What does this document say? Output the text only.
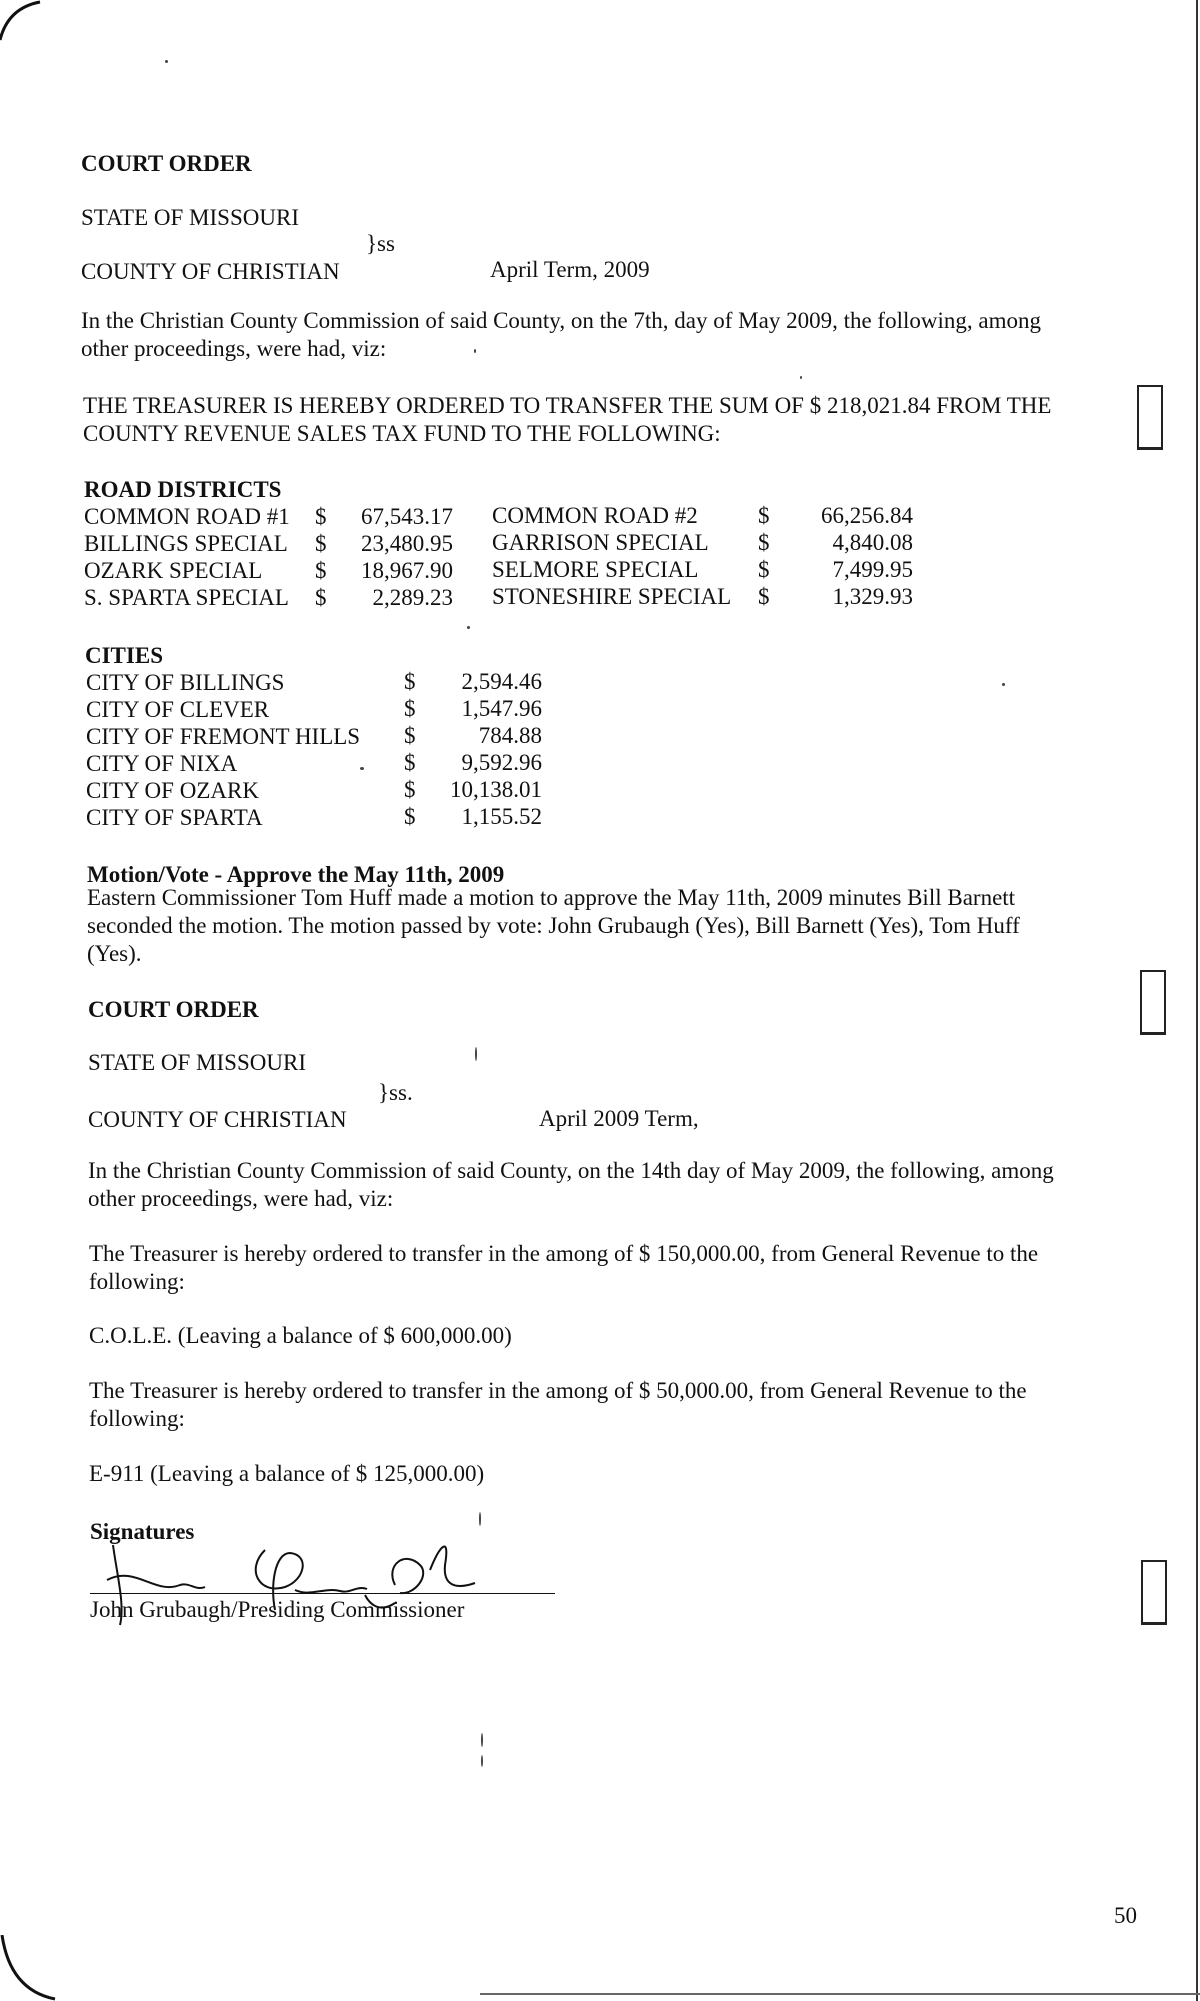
COURT ORDER
STATE OF MISSOURI
}ss
COUNTY OF CHRISTIAN	April Term, 2009
In the Christian County Commission of said County, on the 7th, day of May 2009, the following, among
other proceedings, were had, viz:
THE TREASURER IS HEREBY ORDERED TO TRANSFER THE SUM OF $ 218,021.84 FROM THE
COUNTY REVENUE SALES TAX FUND TO THE FOLLOWING:
ROAD DISTRICTS
COMMON ROAD #1 $	67,543.17 COMMON ROAD #2	$	66,256.84
BILLINGS SPECIAL $	23,480.95 GARRISON SPECIAL $	4,840.08
OZARK SPECIAL $	18,967.90 SELMORE SPECIAL	$	7,499.95
S. SPARTA SPECIAL $	2,289.23 STONESHIRE SPECIAL $	1,329.93
CITIES
CITY OF BILLINGS	$	2,594.46
CITY OF CLEVER	$	1,547.96
CITY OF FREMONT HILLS $	784.88
CITY OF NIXA	$	9,592.96
CITY OF OZARK	$	10,138.01
CITY OF SPARTA	$	1,155.52
Motion/Vote - Approve the May 11th, 2009
Eastern Commissioner Tom Huff made a motion to approve the May 11th, 2009 minutes Bill Barnett
seconded the motion. The motion passed by vote: John Grubaugh (Yes), Bill Barnett (Yes), Tom Huff
(Yes).
COURT ORDER
STATE OF MISSOURI
}ss.
COUNTY OF CHRISTIAN	April 2009 Term,
In the Christian County Commission of said County, on the 14th day of May 2009, the following, among
other proceedings, were had, viz:
The Treasurer is hereby ordered to transfer in the among of $ 150,000.00, from General Revenue to the
following:
C.O.L.E. (Leaving a balance of $ 600,000.00)
The Treasurer is hereby ordered to transfer in the among of $ 50,000.00, from General Revenue to the
following:
E-911 (Leaving a balance of $ 125,000.00)
Signatures
John Grubaugh/Presiding Commissioner
50
